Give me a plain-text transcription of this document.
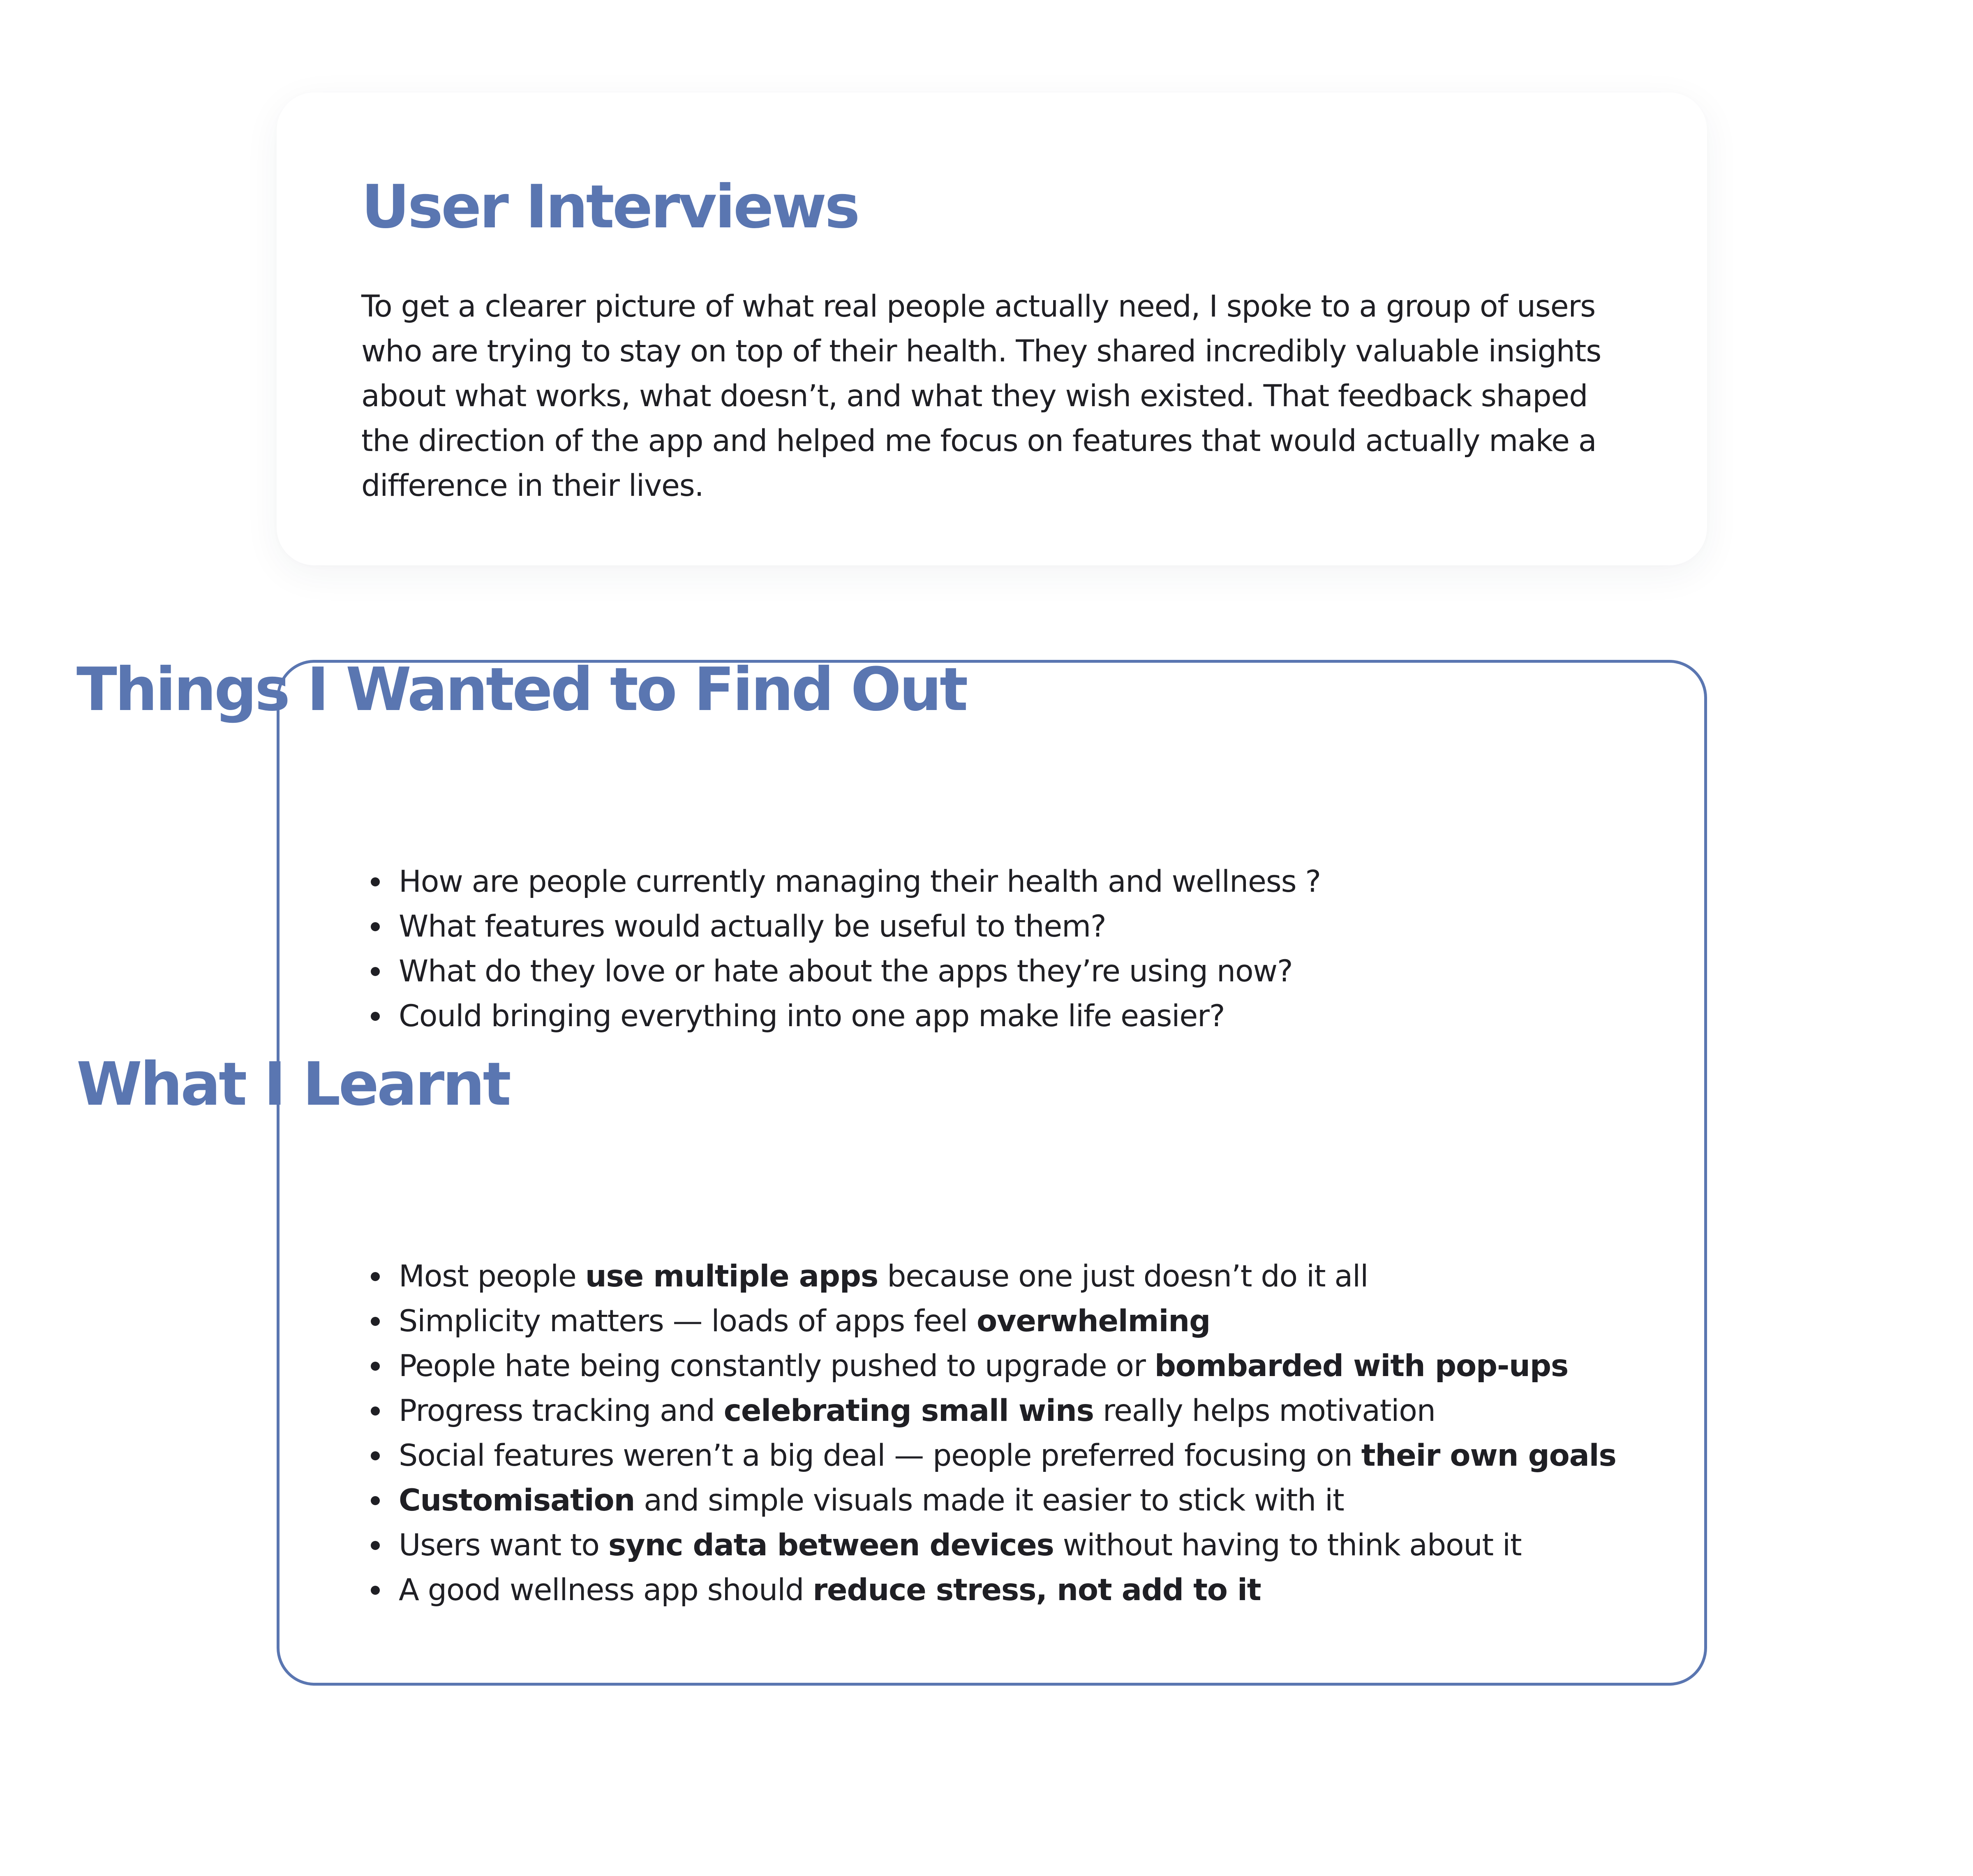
User Interviews

To get a clearer picture of what real people actually need, I spoke to a group of users who are trying to stay on top of their health. They shared incredibly valuable insights about what works, what doesn’t, and what they wish existed. That feedback shaped the direction of the app and helped me focus on features that would actually make a difference in their lives.

Things I Wanted to Find Out
How are people currently managing their health and wellness ?
What features would actually be useful to them?
What do they love or hate about the apps they’re using now?
Could bringing everything into one app make life easier?
What I Learnt
Most people use multiple apps because one just doesn’t do it all
Simplicity matters — loads of apps feel overwhelming
People hate being constantly pushed to upgrade or bombarded with pop-ups
Progress tracking and celebrating small wins really helps motivation
Social features weren’t a big deal — people preferred focusing on their own goals
Customisation and simple visuals made it easier to stick with it
Users want to sync data between devices without having to think about it
A good wellness app should reduce stress, not add to it
